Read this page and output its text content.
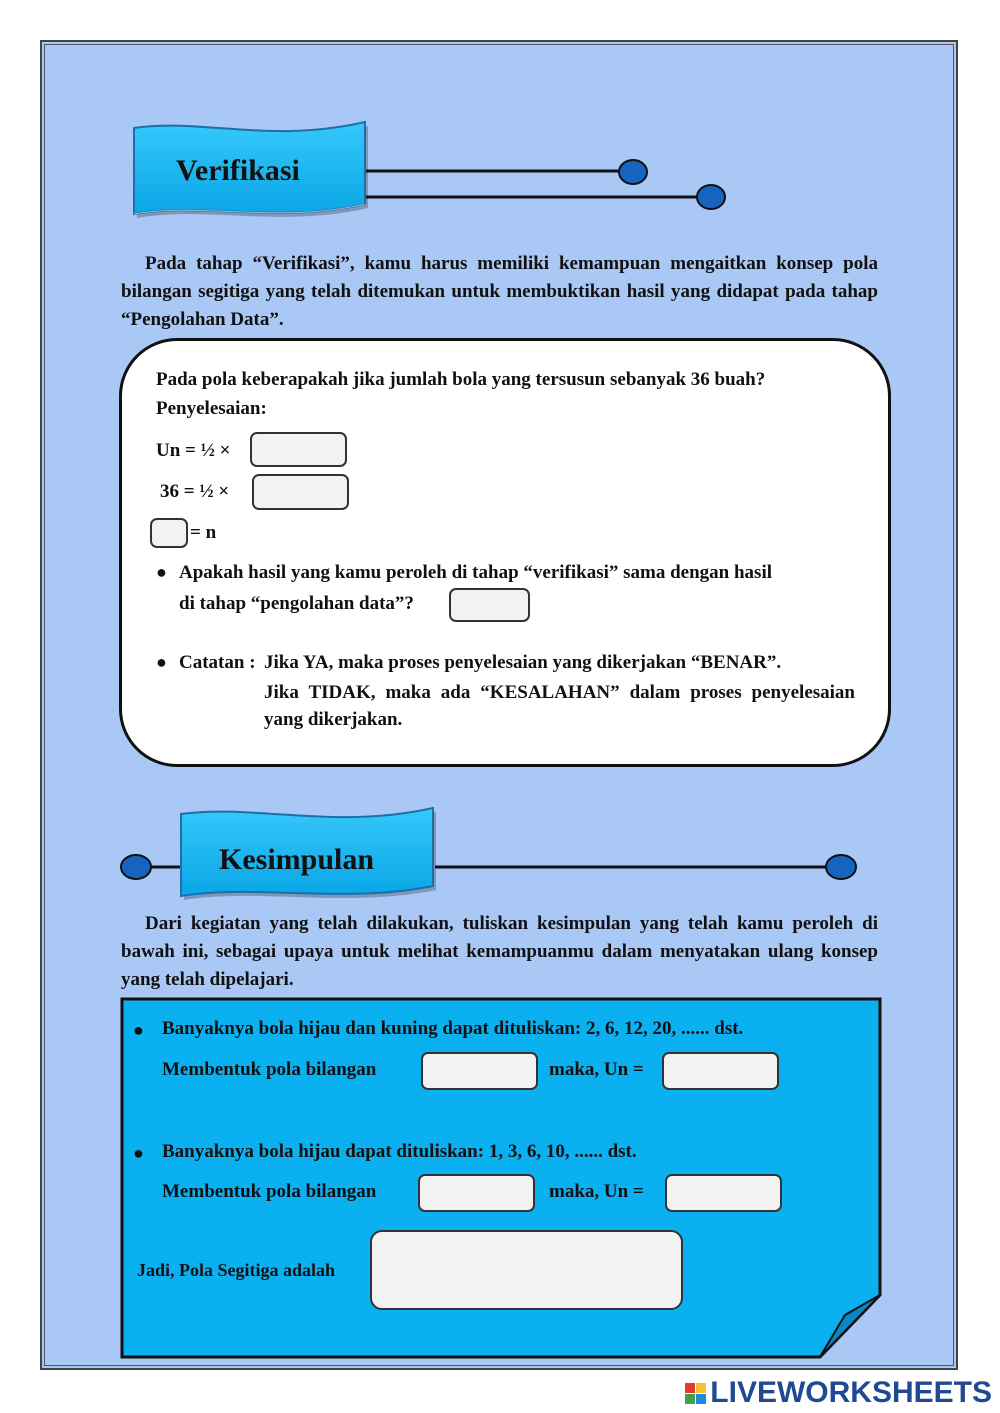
Verifikasi
Pada tahap “Verifikasi”, kamu harus memiliki kemampuan mengaitkan konsep pola bilangan segitiga yang telah ditemukan untuk membuktikan hasil yang didapat pada tahap “Pengolahan Data”.
Pada pola keberapakah jika jumlah bola yang tersusun sebanyak 36 buah?
Penyelesaian:
Un = ½ ×
36 = ½ ×
= n
● Apakah hasil yang kamu peroleh di tahap “verifikasi” sama dengan hasil
di tahap “pengolahan data”?
● Catatan : Jika YA, maka proses penyelesaian yang dikerjakan “BENAR”.
Jika TIDAK, maka ada “KESALAHAN” dalam proses penyelesaian yang dikerjakan.
Kesimpulan
Dari kegiatan yang telah dilakukan, tuliskan kesimpulan yang telah kamu peroleh di bawah ini, sebagai upaya untuk melihat kemampuanmu dalam menyatakan ulang konsep yang telah dipelajari.
● Banyaknya bola hijau dan kuning dapat dituliskan: 2, 6, 12, 20, ...... dst.
Membentuk pola bilangan	maka, Un =
● Banyaknya bola hijau dapat dituliskan: 1, 3, 6, 10, ...... dst.
Membentuk pola bilangan	maka, Un =
Jadi, Pola Segitiga adalah
LIVEWORKSHEETS
